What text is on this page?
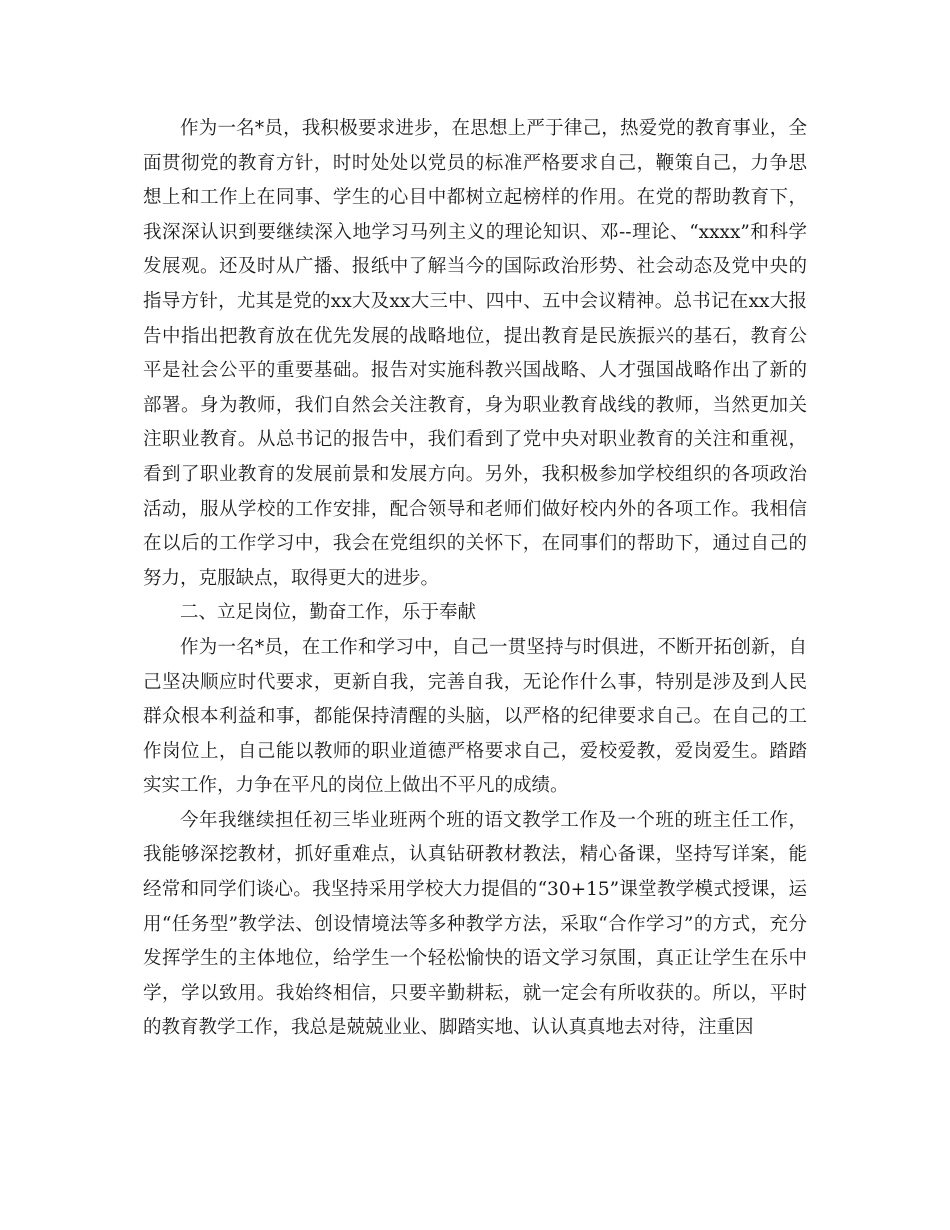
作为一名*员，我积极要求进步，在思想上严于律己，热爱党的教育事业，全面贯彻党的教育方针，时时处处以党员的标准严格要求自己，鞭策自己，力争思想上和工作上在同事、学生的心目中都树立起榜样的作用。在党的帮助教育下，我深深认识到要继续深入地学习马列主义的理论知识、邓--理论、“xxxx”和科学发展观。还及时从广播、报纸中了解当今的国际政治形势、社会动态及党中央的指导方针，尤其是党的xx大及xx大三中、四中、五中会议精神。总书记在xx大报告中指出把教育放在优先发展的战略地位，提出教育是民族振兴的基石，教育公平是社会公平的重要基础。报告对实施科教兴国战略、人才强国战略作出了新的部署。身为教师，我们自然会关注教育，身为职业教育战线的教师，当然更加关注职业教育。从总书记的报告中，我们看到了党中央对职业教育的关注和重视，看到了职业教育的发展前景和发展方向。另外，我积极参加学校组织的各项政治活动，服从学校的工作安排，配合领导和老师们做好校内外的各项工作。我相信在以后的工作学习中，我会在党组织的关怀下，在同事们的帮助下，通过自己的努力，克服缺点，取得更大的进步。

二、立足岗位，勤奋工作，乐于奉献

作为一名*员，在工作和学习中，自己一贯坚持与时俱进，不断开拓创新，自己坚决顺应时代要求，更新自我，完善自我，无论作什么事，特别是涉及到人民群众根本利益和事，都能保持清醒的头脑，以严格的纪律要求自己。在自己的工作岗位上，自己能以教师的职业道德严格要求自己，爱校爱教，爱岗爱生。踏踏实实工作，力争在平凡的岗位上做出不平凡的成绩。

今年我继续担任初三毕业班两个班的语文教学工作及一个班的班主任工作，我能够深挖教材，抓好重难点，认真钻研教材教法，精心备课，坚持写详案，能经常和同学们谈心。我坚持采用学校大力提倡的“30+15”课堂教学模式授课，运用“任务型”教学法、创设情境法等多种教学方法，采取“合作学习”的方式，充分发挥学生的主体地位，给学生一个轻松愉快的语文学习氛围，真正让学生在乐中学，学以致用。我始终相信，只要辛勤耕耘，就一定会有所收获的。所以，平时的教育教学工作，我总是兢兢业业、脚踏实地、认认真真地去对待，注重因
